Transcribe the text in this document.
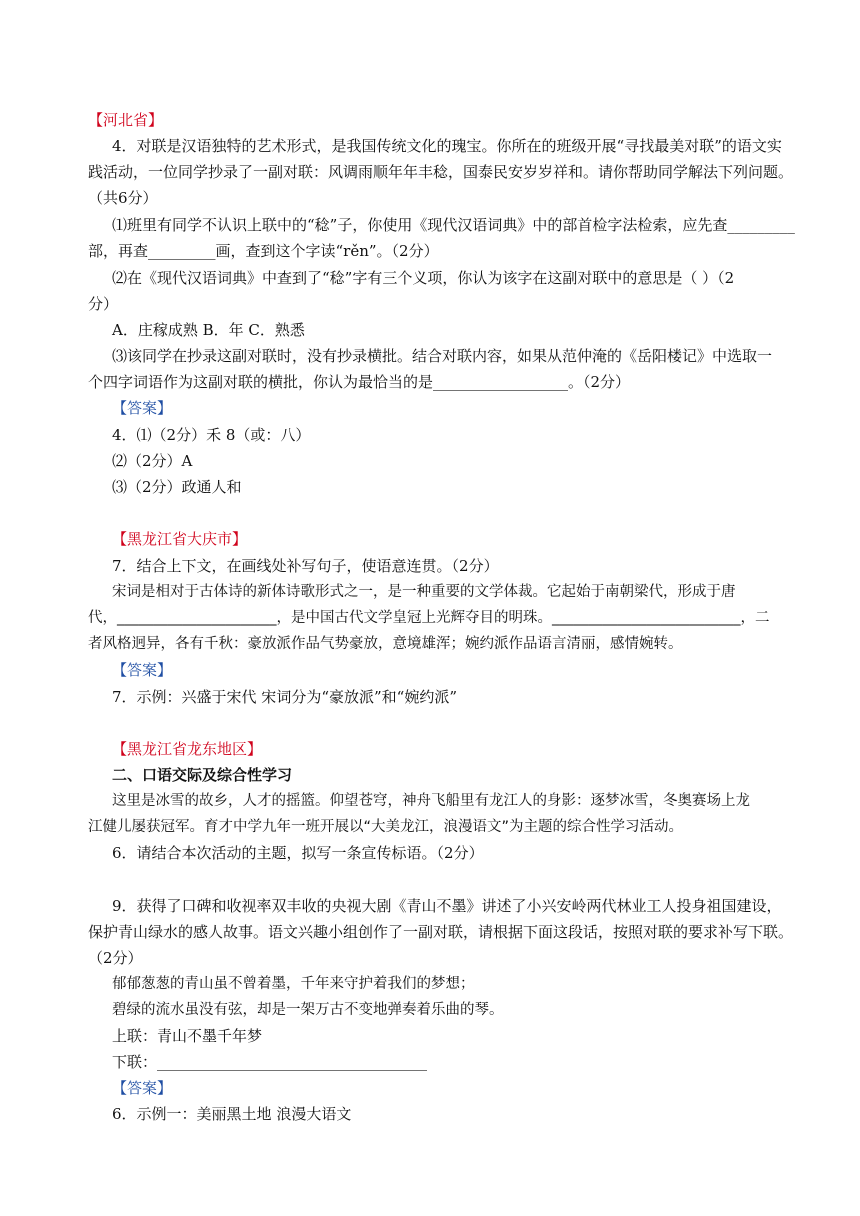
【河北省】
4．对联是汉语独特的艺术形式，是我国传统文化的瑰宝。你所在的班级开展“寻找最美对联”的语文实
践活动，一位同学抄录了一副对联：风调雨顺年年丰稔，国泰民安岁岁祥和。请你帮助同学解法下列问题。
（共6分）
⑴班里有同学不认识上联中的“稔”子，你使用《现代汉语词典》中的部首检字法检索，应先查_________
部，再查_________画，查到这个字读“rěn”。（2分）
⑵在《现代汉语词典》中查到了“稔”字有三个义项，你认为该字在这副对联中的意思是（ ）（2
分）
A．庄稼成熟 B．年 C．熟悉
⑶该同学在抄录这副对联时，没有抄录横批。结合对联内容，如果从范仲淹的《岳阳楼记》中选取一
个四字词语作为这副对联的横批，你认为最恰当的是__________________。（2分）
【答案】
4．⑴（2分）禾 8（或：八）
⑵（2分）A
⑶（2分）政通人和
【黑龙江省大庆市】
7．结合上下文，在画线处补写句子，使语意连贯。（2分）
宋词是相对于古体诗的新体诗歌形式之一，是一种重要的文学体裁。它起始于南朝梁代，形成于唐
代，______________________，是中国古代文学皇冠上光辉夺目的明珠。__________________________，二
者风格迥异，各有千秋：豪放派作品气势豪放，意境雄浑；婉约派作品语言清丽，感情婉转。
【答案】
7．示例：兴盛于宋代 宋词分为“豪放派”和“婉约派”
【黑龙江省龙东地区】
二、口语交际及综合性学习
这里是冰雪的故乡，人才的摇篮。仰望苍穹，神舟飞船里有龙江人的身影：逐梦冰雪，冬奥赛场上龙
江健儿屡获冠军。育才中学九年一班开展以“大美龙江，浪漫语文”为主题的综合性学习活动。
6．请结合本次活动的主题，拟写一条宣传标语。（2分）
9．获得了口碑和收视率双丰收的央视大剧《青山不墨》讲述了小兴安岭两代林业工人投身祖国建设，
保护青山绿水的感人故事。语文兴趣小组创作了一副对联，请根据下面这段话，按照对联的要求补写下联。
（2分）
郁郁葱葱的青山虽不曾着墨，千年来守护着我们的梦想；
碧绿的流水虽没有弦，却是一架万古不变地弹奏着乐曲的琴。
上联：青山不墨千年梦
下联：____________________________________
【答案】
6．示例一：美丽黑土地 浪漫大语文
